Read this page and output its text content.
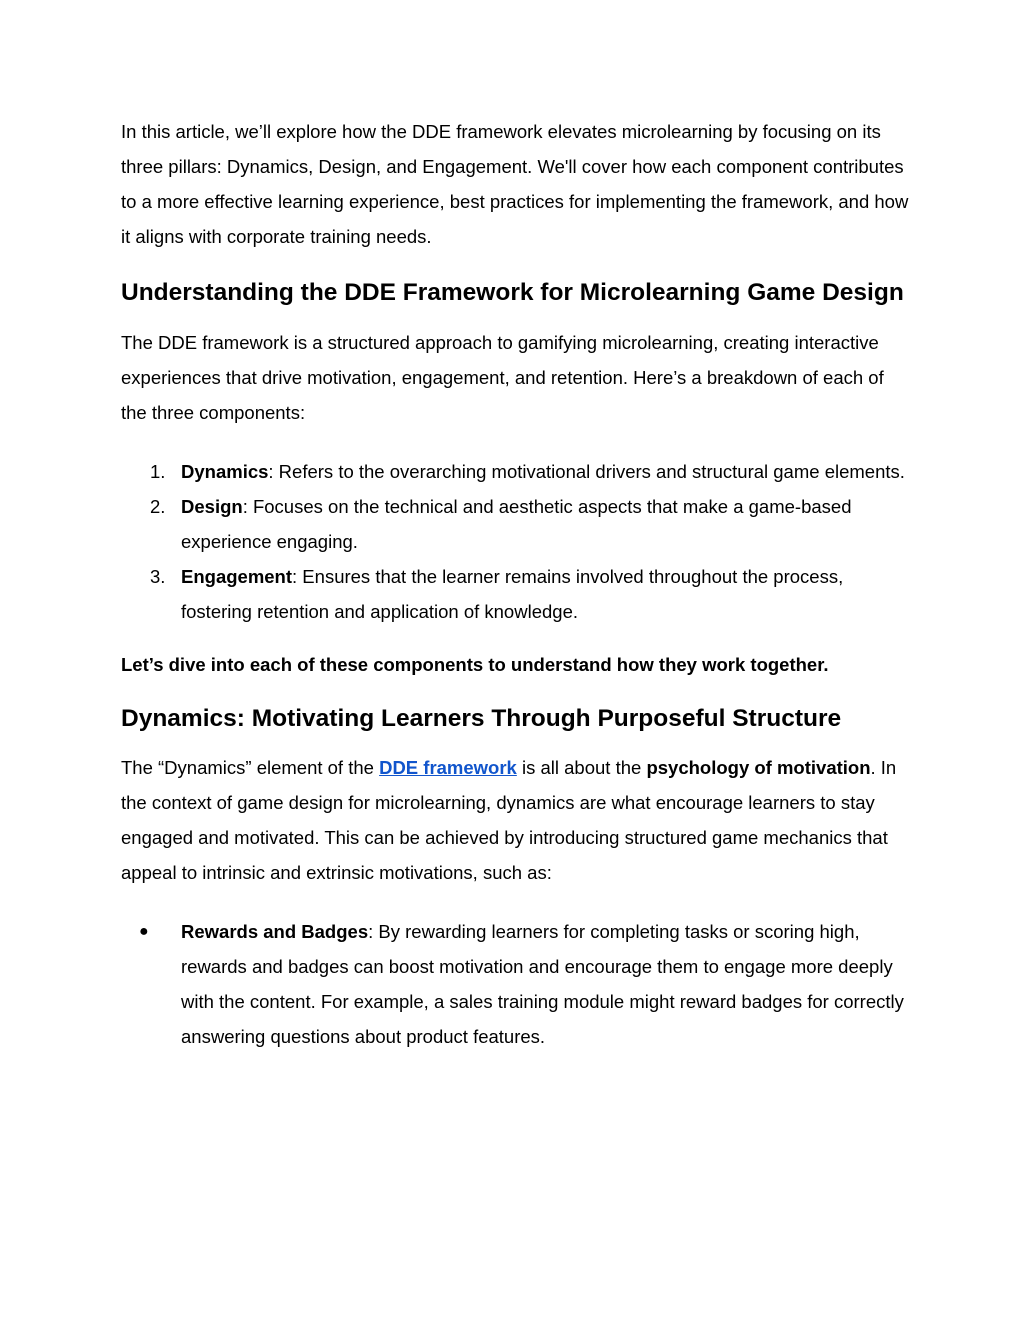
In this article, we’ll explore how the DDE framework elevates microlearning by focusing on its three pillars: Dynamics, Design, and Engagement. We'll cover how each component contributes to a more effective learning experience, best practices for implementing the framework, and how it aligns with corporate training needs.

Understanding the DDE Framework for Microlearning Game Design

The DDE framework is a structured approach to gamifying microlearning, creating interactive experiences that drive motivation, engagement, and retention. Here’s a breakdown of each of the three components:

1. Dynamics: Refers to the overarching motivational drivers and structural game elements.
2. Design: Focuses on the technical and aesthetic aspects that make a game-based experience engaging.
3. Engagement: Ensures that the learner remains involved throughout the process, fostering retention and application of knowledge.

Let’s dive into each of these components to understand how they work together.

Dynamics: Motivating Learners Through Purposeful Structure

The “Dynamics” element of the DDE framework is all about the psychology of motivation. In the context of game design for microlearning, dynamics are what encourage learners to stay engaged and motivated. This can be achieved by introducing structured game mechanics that appeal to intrinsic and extrinsic motivations, such as:

● Rewards and Badges: By rewarding learners for completing tasks or scoring high, rewards and badges can boost motivation and encourage them to engage more deeply with the content. For example, a sales training module might reward badges for correctly answering questions about product features.
